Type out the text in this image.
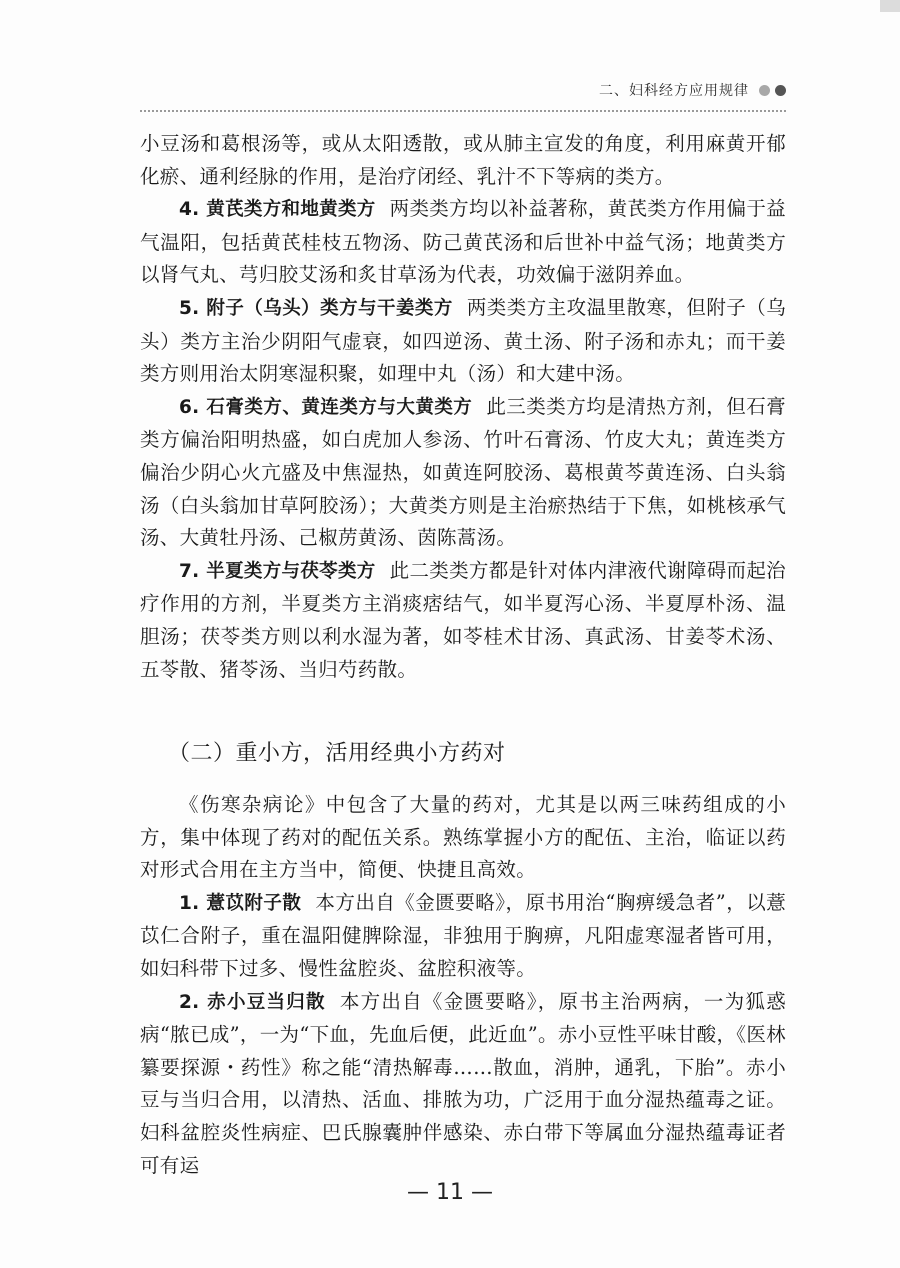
二、妇科经方应用规律

小豆汤和葛根汤等，或从太阳透散，或从肺主宣发的角度，利用麻黄开郁化瘀、通利经脉的作用，是治疗闭经、乳汁不下等病的类方。

4. 黄芪类方和地黄类方 两类类方均以补益著称，黄芪类方作用偏于益气温阳，包括黄芪桂枝五物汤、防己黄芪汤和后世补中益气汤；地黄类方以肾气丸、芎归胶艾汤和炙甘草汤为代表，功效偏于滋阴养血。

5. 附子（乌头）类方与干姜类方 两类类方主攻温里散寒，但附子（乌头）类方主治少阴阳气虚衰，如四逆汤、黄土汤、附子汤和赤丸；而干姜类方则用治太阴寒湿积聚，如理中丸（汤）和大建中汤。

6. 石膏类方、黄连类方与大黄类方 此三类类方均是清热方剂，但石膏类方偏治阳明热盛，如白虎加人参汤、竹叶石膏汤、竹皮大丸；黄连类方偏治少阴心火亢盛及中焦湿热，如黄连阿胶汤、葛根黄芩黄连汤、白头翁汤（白头翁加甘草阿胶汤）；大黄类方则是主治瘀热结于下焦，如桃核承气汤、大黄牡丹汤、己椒苈黄汤、茵陈蒿汤。

7. 半夏类方与茯苓类方 此二类类方都是针对体内津液代谢障碍而起治疗作用的方剂，半夏类方主消痰痞结气，如半夏泻心汤、半夏厚朴汤、温胆汤；茯苓类方则以利水湿为著，如苓桂术甘汤、真武汤、甘姜苓术汤、五苓散、猪苓汤、当归芍药散。

（二）重小方，活用经典小方药对

《伤寒杂病论》中包含了大量的药对，尤其是以两三味药组成的小方，集中体现了药对的配伍关系。熟练掌握小方的配伍、主治，临证以药对形式合用在主方当中，简便、快捷且高效。

1. 薏苡附子散 本方出自《金匮要略》，原书用治“胸痹缓急者”，以薏苡仁合附子，重在温阳健脾除湿，非独用于胸痹，凡阳虚寒湿者皆可用，如妇科带下过多、慢性盆腔炎、盆腔积液等。

2. 赤小豆当归散 本方出自《金匮要略》，原书主治两病，一为狐惑病“脓已成”，一为“下血，先血后便，此近血”。赤小豆性平味甘酸，《医林纂要探源・药性》称之能“清热解毒……散血，消肿，通乳，下胎”。赤小豆与当归合用，以清热、活血、排脓为功，广泛用于血分湿热蕴毒之证。妇科盆腔炎性病症、巴氏腺囊肿伴感染、赤白带下等属血分湿热蕴毒证者可有运

— 11 —
